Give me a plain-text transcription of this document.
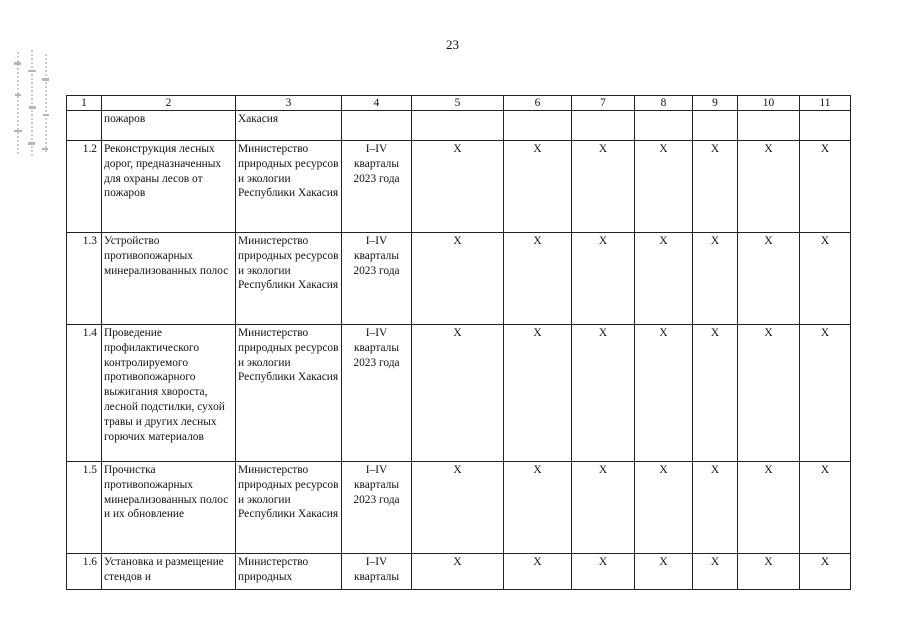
23
1	2	3	4	5	6	7	8	9	10	11
	пожаров	Хакасия								
1.2	Реконструкция лесных дорог, предназначенных для охраны лесов от пожаров	Министерство природных ресурсов и экологии Республики Хакасия	I–IV кварталы 2023 года	X	X	X	X	X	X	X
1.3	Устройство противопожарных минерализованных полос	Министерство природных ресурсов и экологии Республики Хакасия	I–IV кварталы 2023 года	X	X	X	X	X	X	X
1.4	Проведение профилактического контролируемого противопожарного выжигания хвороста, лесной подстилки, сухой травы и других лесных горючих материалов	Министерство природных ресурсов и экологии Республики Хакасия	I–IV кварталы 2023 года	X	X	X	X	X	X	X
1.5	Прочистка противопожарных минерализованных полос и их обновление	Министерство природных ресурсов и экологии Республики Хакасия	I–IV кварталы 2023 года	X	X	X	X	X	X	X
1.6	Установка и размещение стендов и	Министерство природных	I–IV кварталы	X	X	X	X	X	X	X
